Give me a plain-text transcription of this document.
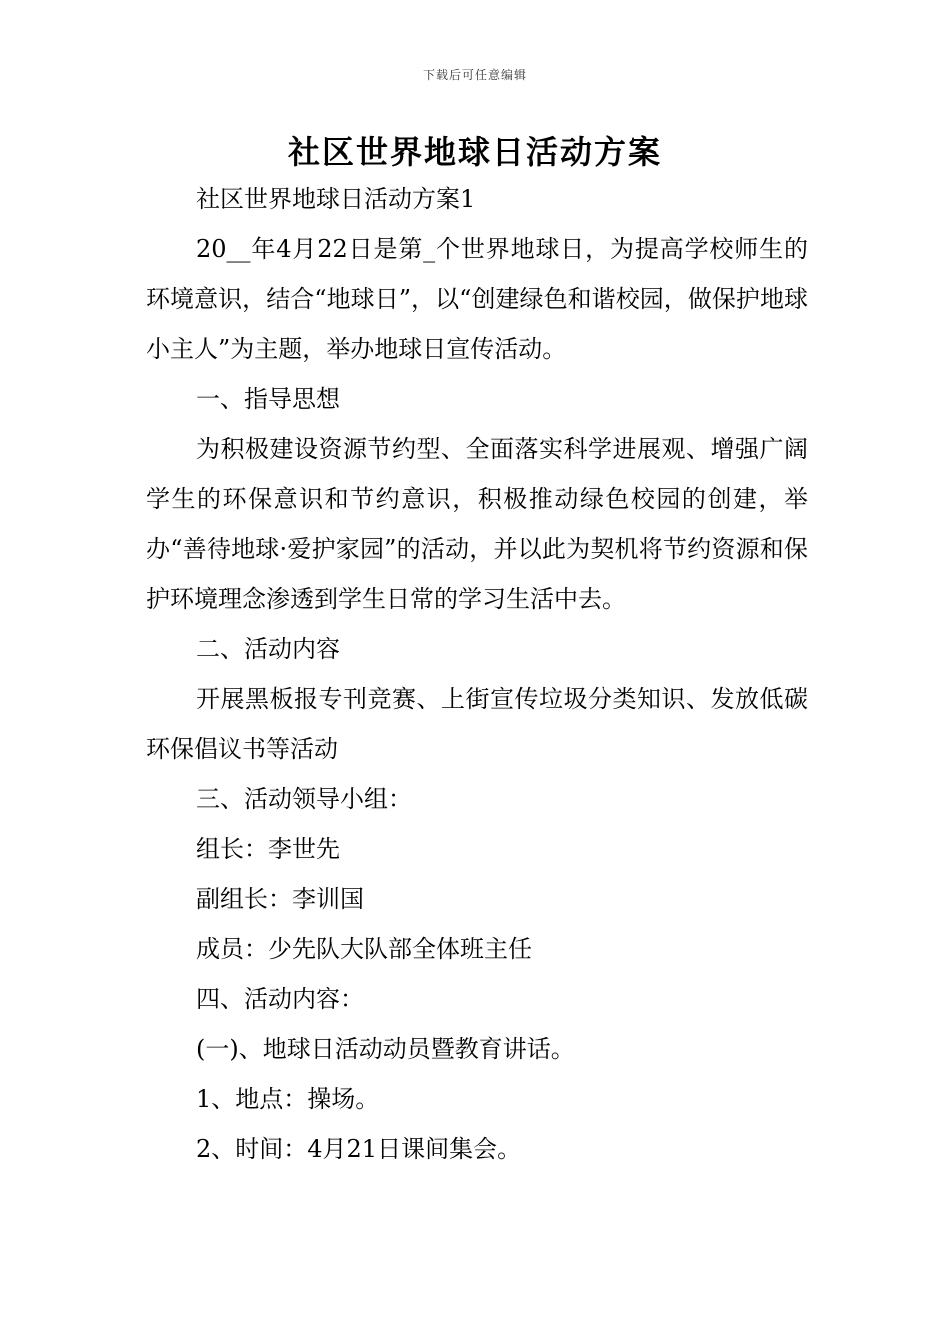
下载后可任意编辑
社区世界地球日活动方案

社区世界地球日活动方案1

20__年4月22日是第_个世界地球日，为提高学校师生的环境意识，结合“地球日”，以“创建绿色和谐校园，做保护地球小主人”为主题，举办地球日宣传活动。

一、指导思想

为积极建设资源节约型、全面落实科学进展观、增强广阔学生的环保意识和节约意识，积极推动绿色校园的创建，举办“善待地球·爱护家园”的活动，并以此为契机将节约资源和保护环境理念渗透到学生日常的学习生活中去。

二、活动内容

开展黑板报专刊竞赛、上街宣传垃圾分类知识、发放低碳环保倡议书等活动

三、活动领导小组：

组长：李世先

副组长：李训国

成员：少先队大队部全体班主任

四、活动内容：

(一)、地球日活动动员暨教育讲话。

1、地点：操场。

2、时间：4月21日课间集会。
